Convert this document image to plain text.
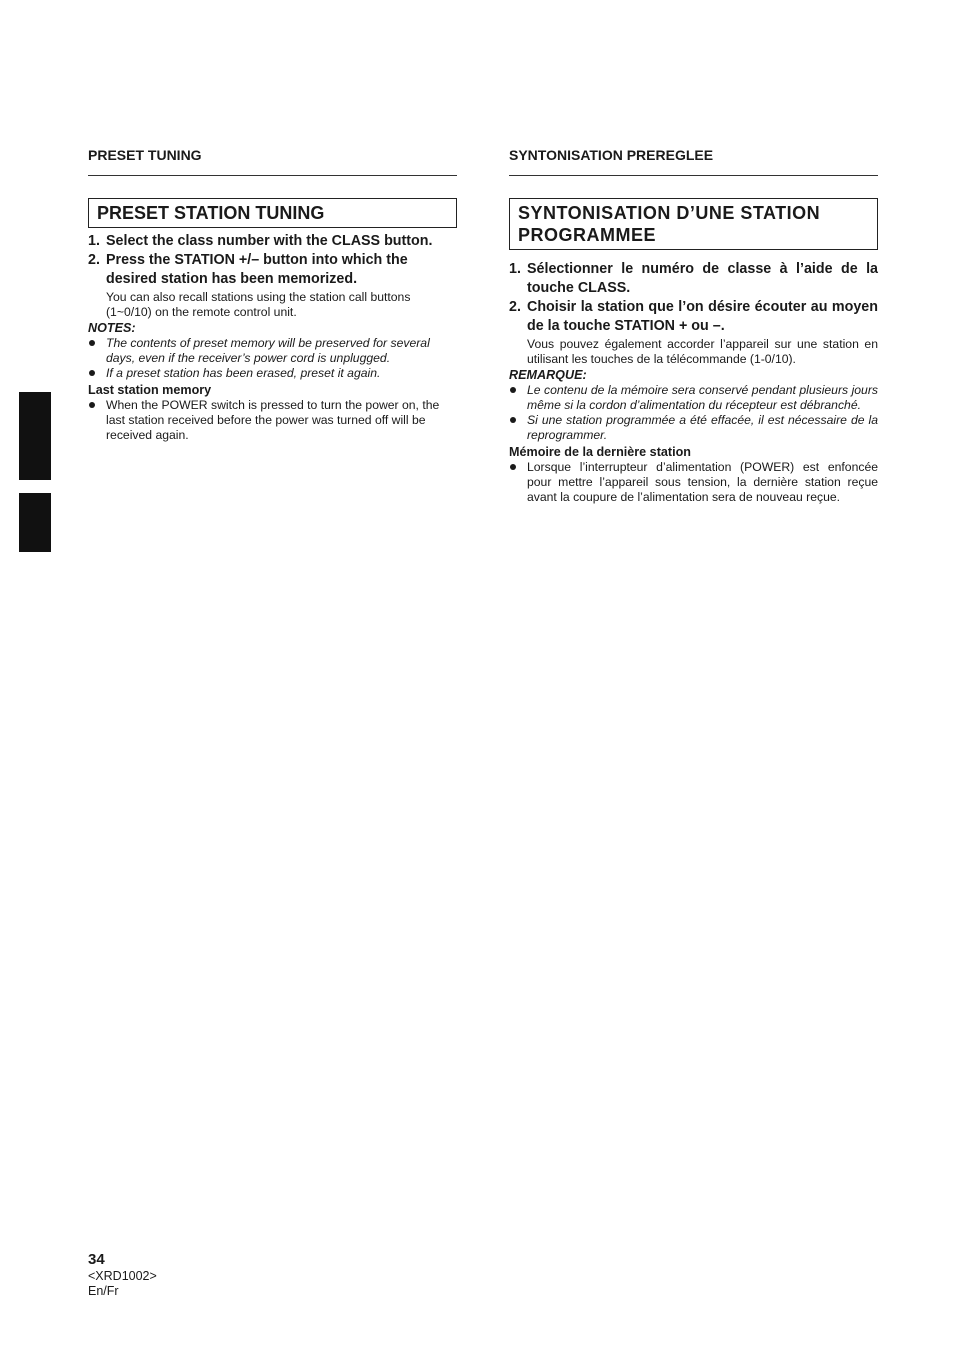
PRESET TUNING
PRESET STATION TUNING
1. Select the class number with the CLASS button.
2. Press the STATION +/– button into which the desired station has been memorized.
You can also recall stations using the station call buttons (1~0/10) on the remote control unit.
NOTES:
The contents of preset memory will be preserved for several days, even if the receiver’s power cord is unplugged.
If a preset station has been erased, preset it again.
Last station memory
When the POWER switch is pressed to turn the power on, the last station received before the power was turned off will be received again.
SYNTONISATION PREREGLEE
SYNTONISATION D’UNE STATION PROGRAMMEE
1. Sélectionner le numéro de classe à l’aide de la touche CLASS.
2. Choisir la station que l’on désire écouter au moyen de la touche STATION + ou –.
Vous pouvez également accorder l’appareil sur une station en utilisant les touches de la télécommande (1-0/10).
REMARQUE:
Le contenu de la mémoire sera conservé pendant plusieurs jours même si la cordon d’alimentation du récepteur est débranché.
Si une station programmée a été effacée, il est nécessaire de la reprogrammer.
Mémoire de la dernière station
Lorsque l’interrupteur d’alimentation (POWER) est enfoncée pour mettre l’appareil sous tension, la dernière station reçue avant la coupure de l’alimentation sera de nouveau reçue.
34
<XRD1002>
En/Fr
